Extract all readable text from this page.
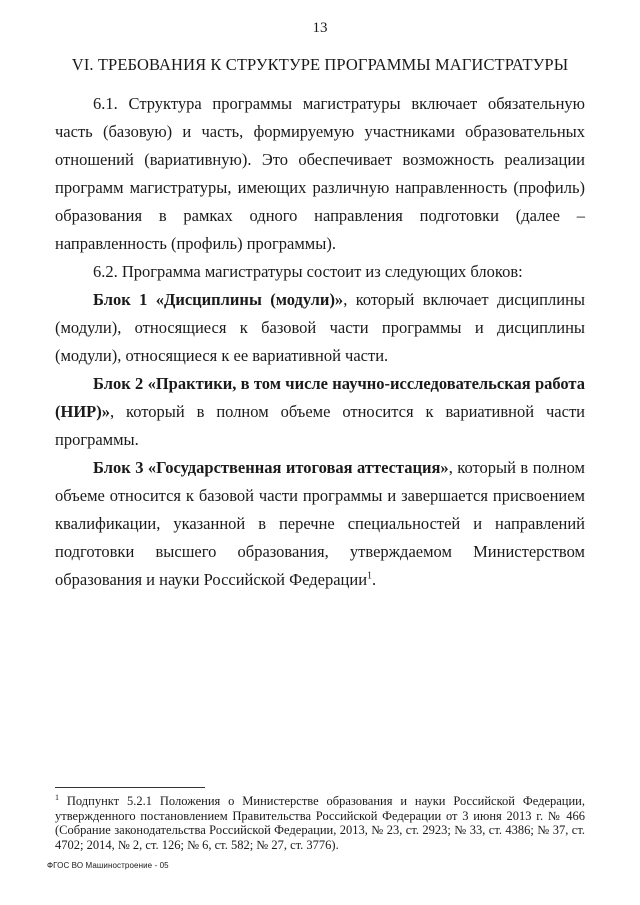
13
VI. ТРЕБОВАНИЯ К СТРУКТУРЕ ПРОГРАММЫ МАГИСТРАТУРЫ

6.1. Структура программы магистратуры включает обязательную часть (базовую) и часть, формируемую участниками образовательных отношений (вариативную). Это обеспечивает возможность реализации программ магистратуры, имеющих различную направленность (профиль) образования в рамках одного направления подготовки (далее – направленность (профиль) программы).

6.2. Программа магистратуры состоит из следующих блоков:

Блок 1 «Дисциплины (модули)», который включает дисциплины (модули), относящиеся к базовой части программы и дисциплины (модули), относящиеся к ее вариативной части.

Блок 2 «Практики, в том числе научно-исследовательская работа (НИР)», который в полном объеме относится к вариативной части программы.

Блок 3 «Государственная итоговая аттестация», который в полном объеме относится к базовой части программы и завершается присвоением квалификации, указанной в перечне специальностей и направлений подготовки высшего образования, утверждаемом Министерством образования и науки Российской Федерации$^1$.

$^1$ Подпункт 5.2.1 Положения о Министерстве образования и науки Российской Федерации, утвержденного постановлением Правительства Российской Федерации от 3 июня 2013 г. № 466 (Собрание законодательства Российской Федерации, 2013, № 23, ст. 2923; № 33, ст. 4386; № 37, ст. 4702; 2014, № 2, ст. 126; № 6, ст. 582; № 27, ст. 3776).

ФГОС ВО Машиностроение - 05
